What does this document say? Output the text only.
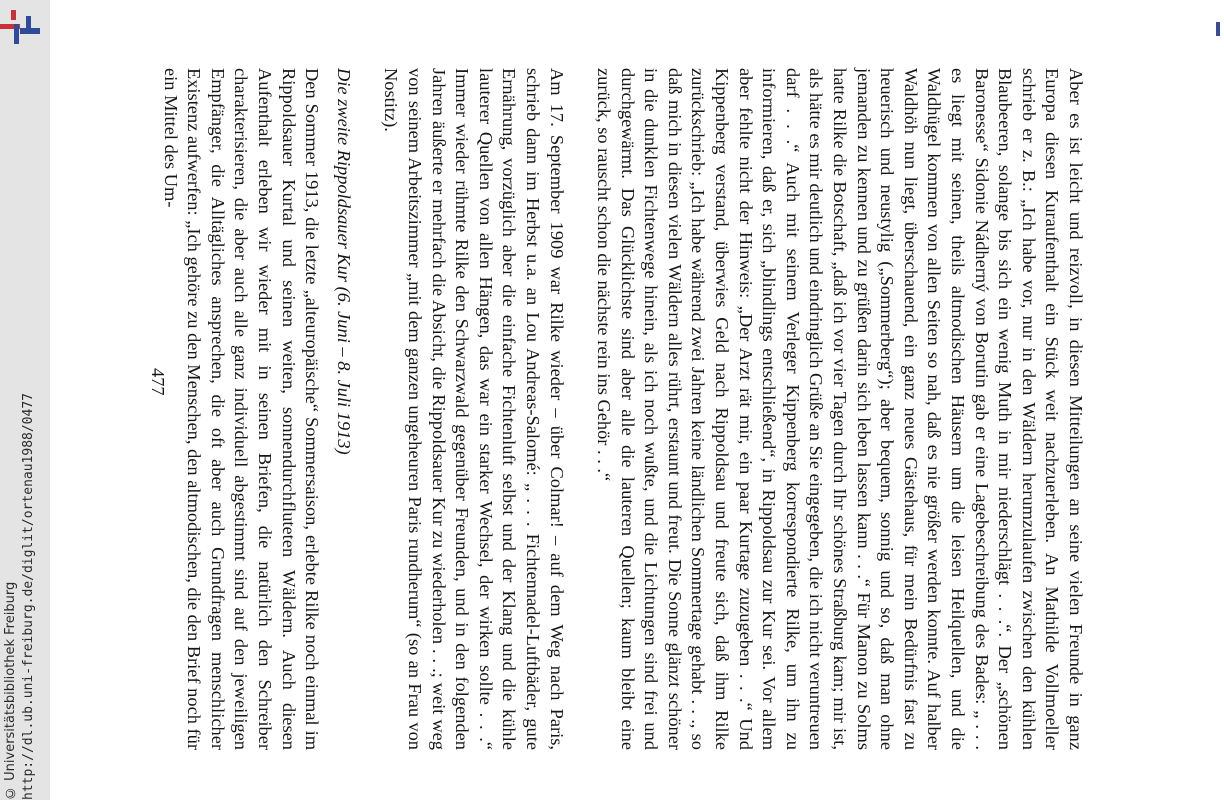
http://dl.ub.uni-freiburg.de/diglit/ortenau1988/0477
© Universitätsbibliothek Freiburg	Aber es ist leicht und reizvoll, in diesen Mitteilungen an seine vielen Freunde in ganz Europa diesen Kuraufenthalt ein Stück weit nachzuerleben. An Mathilde Vollmoeller schrieb er z. B.: „Ich habe vor, nur in den Wäldern herumzulaufen zwischen den kühlen Blaubeeren, solange bis sich ein wenig Muth in mir niederschlägt . . .“. Der „schönen Baronesse“ Sidonie Nádherný von Borutin gab er eine Lagebeschreibung des Bades: „ . . . es liegt mit seinen, theils altmodischen Häusern um die leisen Heilquellen, und die Waldhügel kommen von allen Seiten so nah, daß es nie größer werden konnte. Auf halber Waldhöh nun liegt, überschauend, ein ganz neues Gästehaus, für mein Bedürfnis fast zu heuerisch und neustylig („Sommerberg“); aber bequem, sonnig und so, daß man ohne jemanden zu kennen und zu grüßen darin sich leben lassen kann . . .“ Für Manon zu Solms hatte Rilke die Botschaft, „daß ich vor vier Tagen durch Ihr schönes Straßburg kam; mir ist, als hätte es mir deutlich und eindringlich Grüße an Sie eingegeben, die ich nicht veruntreuen darf . . .“ Auch mit seinem Verleger Kippenberg korrespondierte Rilke, um ihn zu informieren, daß er, sich „blindlings entschließend“, in Rippoldsau zur Kur sei. Vor allem aber fehlte nicht der Hinweis: „Der Arzt rät mir, ein paar Kurtage zuzugeben . . .“ Und Kippenberg verstand, überwies Geld nach Rippoldsau und freute sich, daß ihm Rilke zurückschrieb: „Ich habe während zwei Jahren keine ländlichen Sommertage gehabt . . ., so daß mich in diesen vielen Wäldern alles rührt, erstaunt und freut. Die Sonne glänzt schöner in die dunklen Fichtenwege hinein, als ich noch wußte, und die Lichtungen sind frei und durchgewärmt. Das Glücklichste sind aber alle die lauteren Quellen; kaum bleibt eine zurück, so rauscht schon die nächste rein ins Gehör . . .“

Am 17. September 1909 war Rilke wieder – über Colmar! – auf dem Weg nach Paris, schrieb dann im Herbst u.a. an Lou Andreas-Salomé: „ . . . Fichtennadel-Luftbäder, gute Ernährung, vorzüglich aber die einfache Fichtenluft selbst und der Klang und die kühle lauterer Quellen von allen Hängen, das war ein starker Wechsel, der wirken sollte . . .“ Immer wieder rühmte Rilke den Schwarzwald gegenüber Freunden, und in den folgenden Jahren äußerte er mehrfach die Absicht, die Rippoldsauer Kur zu wiederholen . . .; weit weg von seinem Arbeitszimmer „mit dem ganzen ungeheuren Paris rundherum“ (so an Frau von Nostitz).

Die zweite Rippoldsauer Kur (6. Juni – 8. Juli 1913)

Den Sommer 1913, die letzte „alteuropäische“ Sommersaison, erlebte Rilke noch einmal im Rippoldsauer Kurtal und seinen weiten, sonnendurchfluteten Wäldern. Auch diesen Aufenthalt erleben wir wieder mit in seinen Briefen, die natürlich den Schreiber charakterisieren, die aber auch alle ganz individuell abgestimmt sind auf den jeweiligen Empfänger, die Alltägliches ansprechen, die oft aber auch Grundfragen menschlicher Existenz aufwerfen: „Ich gehöre zu den Menschen, den altmodischen, die den Brief noch für ein Mittel des Um-

477
